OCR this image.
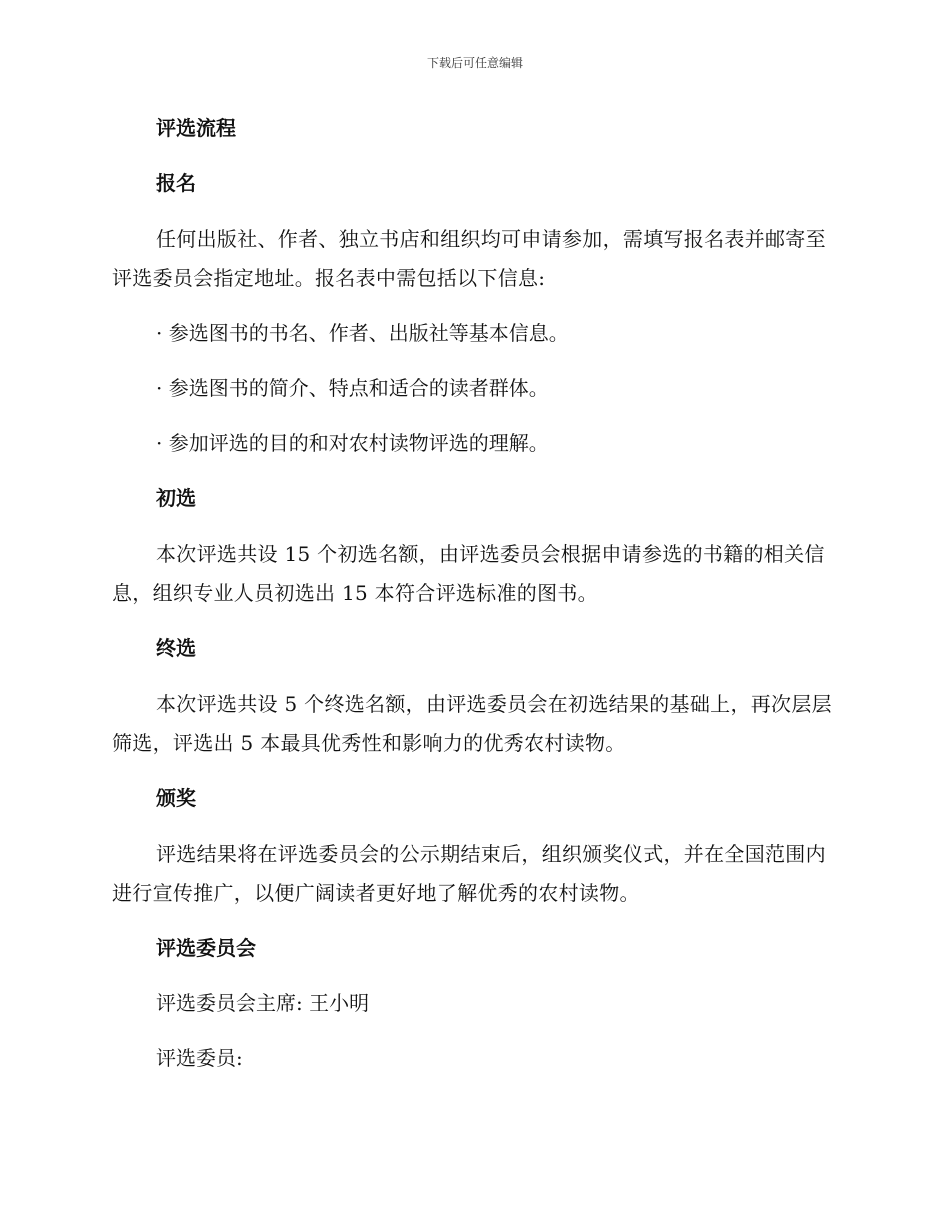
下载后可任意编辑
评选流程
报名
任何出版社、作者、独立书店和组织均可申请参加，需填写报名表并邮寄至评选委员会指定地址。报名表中需包括以下信息:
· 参选图书的书名、作者、出版社等基本信息。
· 参选图书的简介、特点和适合的读者群体。
· 参加评选的目的和对农村读物评选的理解。
初选
本次评选共设 15 个初选名额，由评选委员会根据申请参选的书籍的相关信息，组织专业人员初选出 15 本符合评选标准的图书。
终选
本次评选共设 5 个终选名额，由评选委员会在初选结果的基础上，再次层层筛选，评选出 5 本最具优秀性和影响力的优秀农村读物。
颁奖
评选结果将在评选委员会的公示期结束后，组织颁奖仪式，并在全国范围内进行宣传推广，以便广阔读者更好地了解优秀的农村读物。
评选委员会
评选委员会主席: 王小明
评选委员:
